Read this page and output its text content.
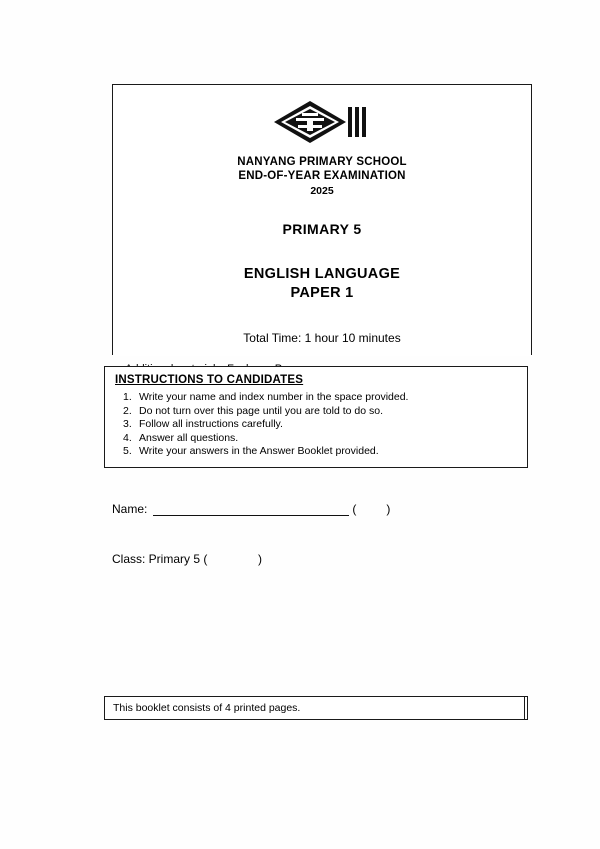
NANYANG PRIMARY SCHOOL
END-OF-YEAR EXAMINATION
2025
PRIMARY 5
ENGLISH LANGUAGE
PAPER 1
Total Time: 1 hour 10 minutes
INSTRUCTIONS TO CANDIDATES
1. Write your name and index number in the space provided.
2. Do not turn over this page until you are told to do so.
3. Follow all instructions carefully.
4. Answer all questions.
5. Write your answers in the Answer Booklet provided.
Name:	(	)
Class: Primary 5 (	)
This booklet consists of 4 printed pages.
